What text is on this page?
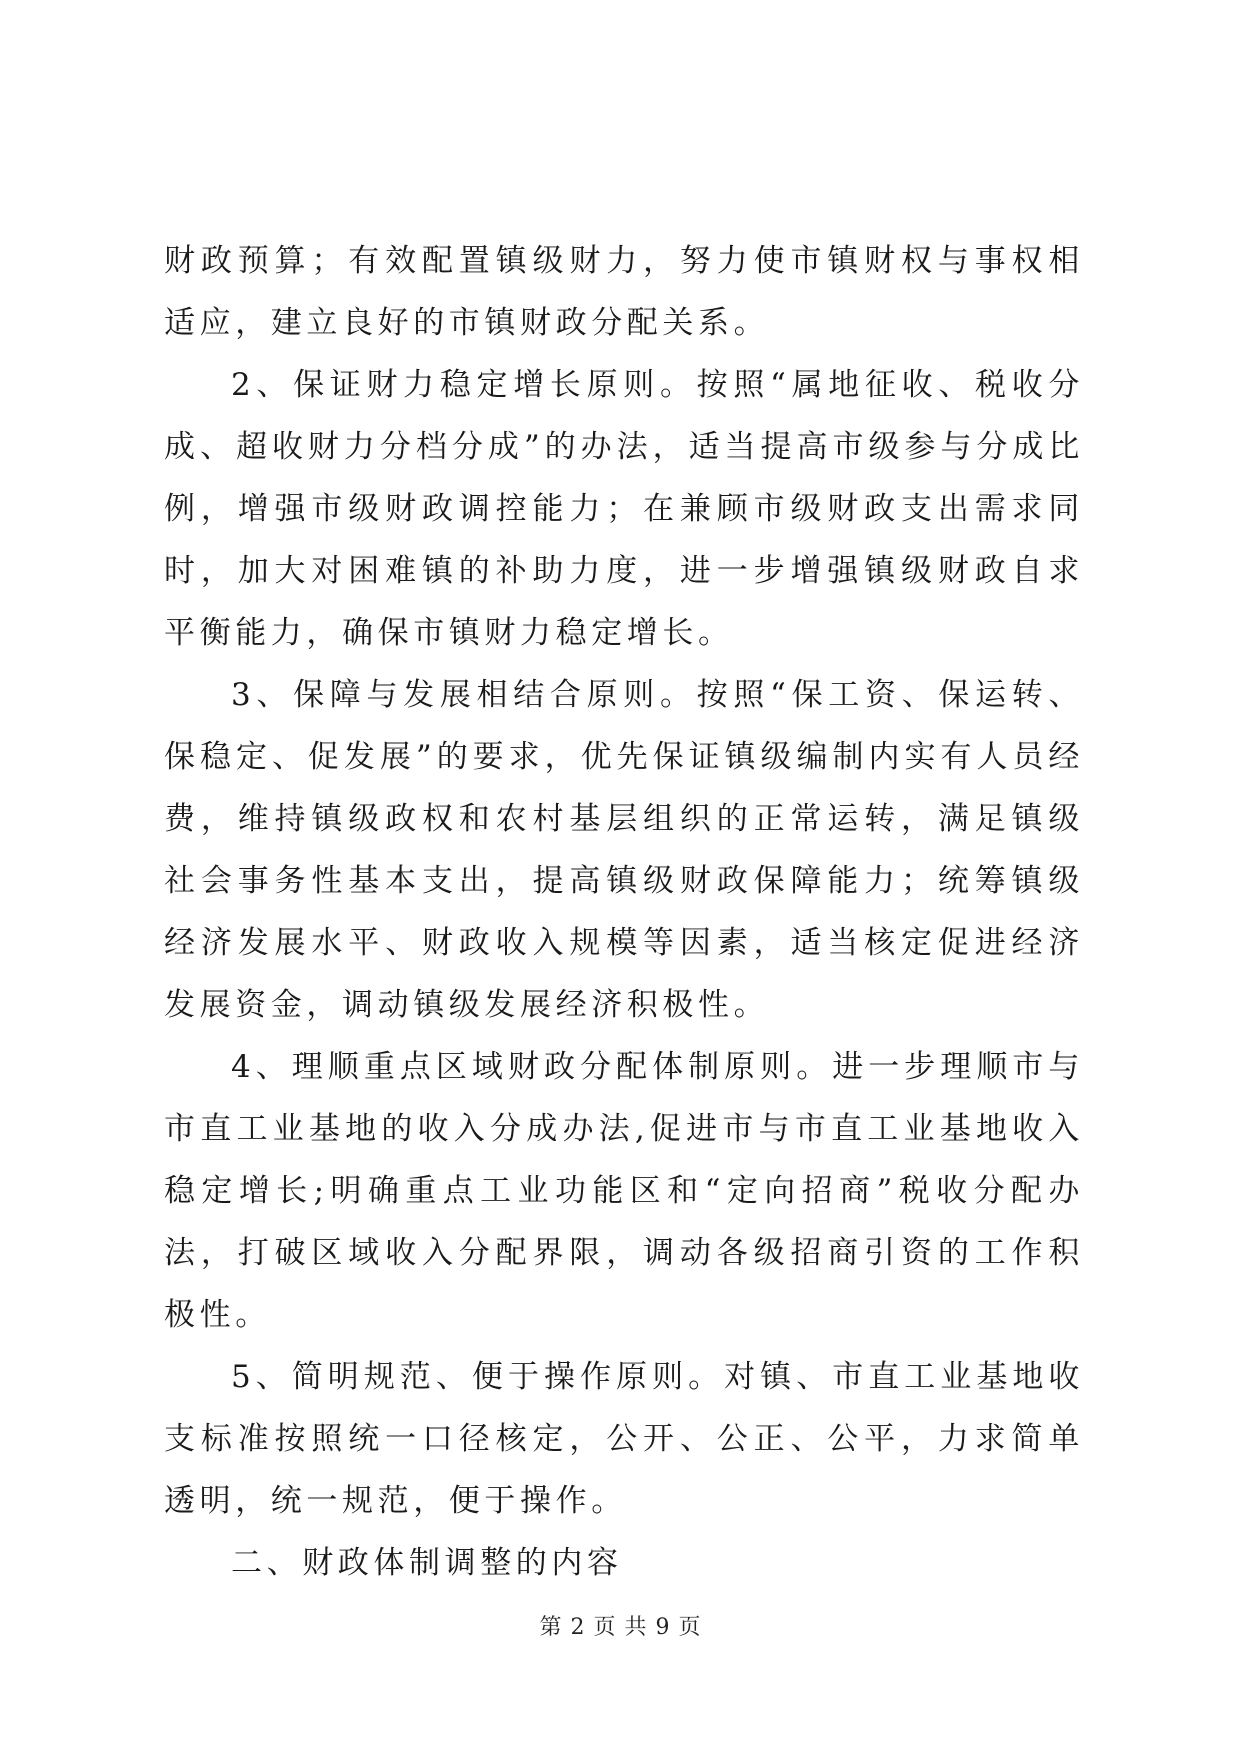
财政预算；有效配置镇级财力，努力使市镇财权与事权相适应，建立良好的市镇财政分配关系。

2、保证财力稳定增长原则。按照“属地征收、税收分成、超收财力分档分成”的办法，适当提高市级参与分成比例，增强市级财政调控能力；在兼顾市级财政支出需求同时，加大对困难镇的补助力度，进一步增强镇级财政自求平衡能力，确保市镇财力稳定增长。

3、保障与发展相结合原则。按照“保工资、保运转、保稳定、促发展”的要求，优先保证镇级编制内实有人员经费，维持镇级政权和农村基层组织的正常运转，满足镇级社会事务性基本支出，提高镇级财政保障能力；统筹镇级经济发展水平、财政收入规模等因素，适当核定促进经济发展资金，调动镇级发展经济积极性。

4、理顺重点区域财政分配体制原则。进一步理顺市与市直工业基地的收入分成办法,促进市与市直工业基地收入稳定增长;明确重点工业功能区和“定向招商”税收分配办法，打破区域收入分配界限，调动各级招商引资的工作积极性。

5、简明规范、便于操作原则。对镇、市直工业基地收支标准按照统一口径核定，公开、公正、公平，力求简单透明，统一规范，便于操作。

二、财政体制调整的内容

第 2 页 共 9 页
